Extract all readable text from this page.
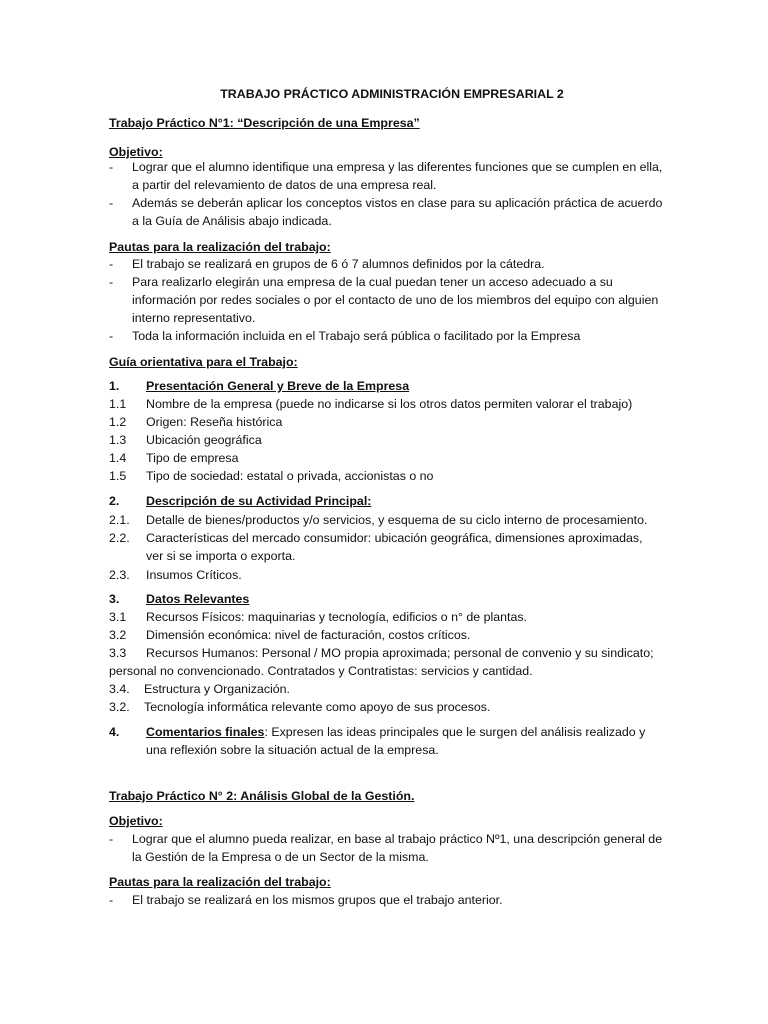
TRABAJO PRÁCTICO ADMINISTRACIÓN EMPRESARIAL 2
Trabajo Práctico N°1: “Descripción de una Empresa”
Objetivo:
- Lograr que el alumno identifique una empresa y las diferentes funciones que se cumplen en ella, a partir del relevamiento de datos de una empresa real.
- Además se deberán aplicar los conceptos vistos en clase para su aplicación práctica de acuerdo a la Guía de Análisis abajo indicada.
Pautas para la realización del trabajo:
- El trabajo se realizará en grupos de 6 ó 7 alumnos definidos por la cátedra.
- Para realizarlo elegirán una empresa de la cual puedan tener un acceso adecuado a su información por redes sociales o por el contacto de uno de los miembros del equipo con alguien interno representativo.
- Toda la información incluida en el Trabajo será pública o facilitado por la Empresa
Guía orientativa para el Trabajo:
1. Presentación General y Breve de la Empresa
1.1 Nombre de la empresa (puede no indicarse si los otros datos permiten valorar el trabajo)
1.2 Origen: Reseña histórica
1.3 Ubicación geográfica
1.4 Tipo de empresa
1.5 Tipo de sociedad: estatal o privada, accionistas o no
2. Descripción de su Actividad Principal:
2.1. Detalle de bienes/productos y/o servicios, y esquema de su ciclo interno de procesamiento.
2.2. Características del mercado consumidor: ubicación geográfica, dimensiones aproximadas,
ver si se importa o exporta.
2.3. Insumos Críticos.
3. Datos Relevantes
3.1 Recursos Físicos: maquinarias y tecnología, edificios o n° de plantas.
3.2 Dimensión económica: nivel de facturación, costos críticos.
3.3 Recursos Humanos: Personal / MO propia aproximada; personal de convenio y su sindicato;
personal no convencionado. Contratados y Contratistas: servicios y cantidad.
3.4. Estructura y Organización.
3.2. Tecnología informática relevante como apoyo de sus procesos.
4. Comentarios finales: Expresen las ideas principales que le surgen del análisis realizado y una reflexión sobre la situación actual de la empresa.
Trabajo Práctico N° 2: Análisis Global de la Gestión.
Objetivo:
- Lograr que el alumno pueda realizar, en base al trabajo práctico Nº1, una descripción general de la Gestión de la Empresa o de un Sector de la misma.
Pautas para la realización del trabajo:
- El trabajo se realizará en los mismos grupos que el trabajo anterior.
